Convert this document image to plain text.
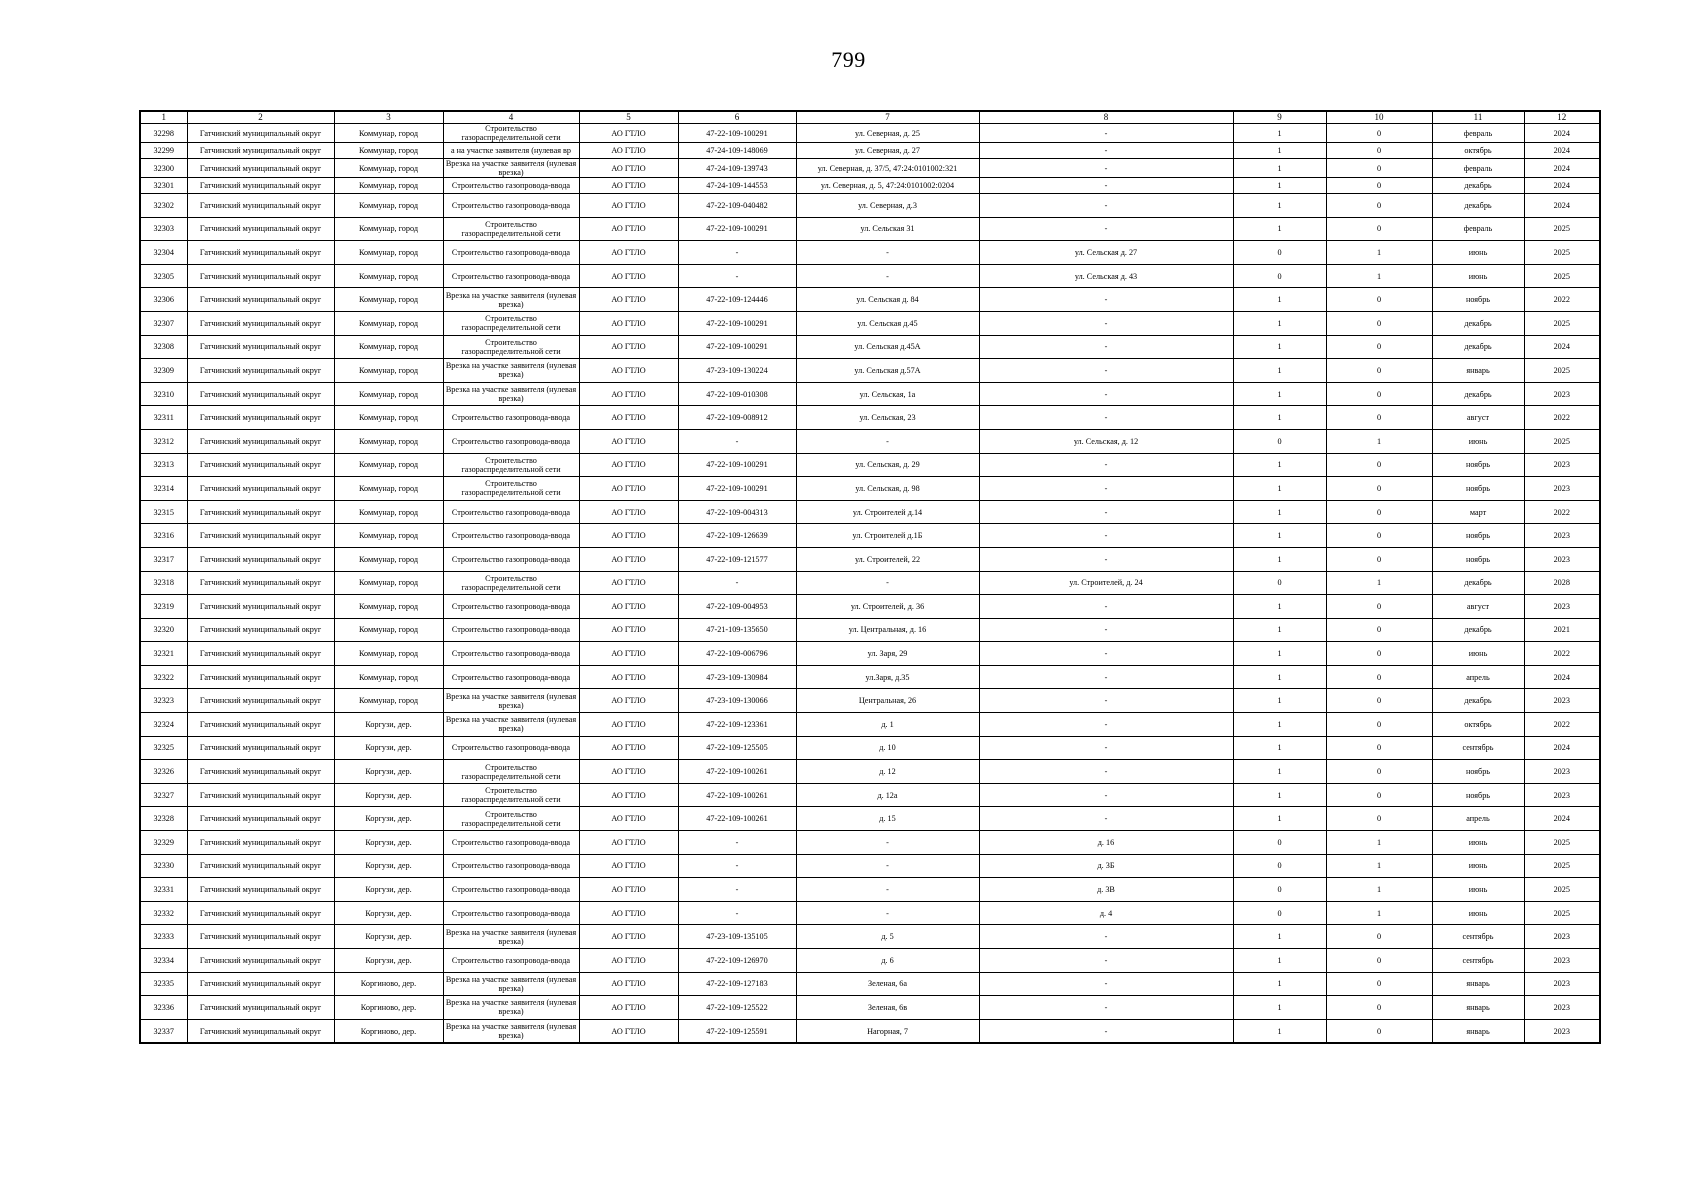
799
1	2	3	4	5	6	7	8	9	10	11	12
32298	Гатчинский муниципальный округ	Коммунар, город	Строительство газораспределительной сети	АО ГТЛО	47-22-109-100291	ул. Северная, д. 25	-	1	0	февраль	2024
32299	Гатчинский муниципальный округ	Коммунар, город	а на участке заявителя (нулевая вр	АО ГТЛО	47-24-109-148069	ул. Северная, д. 27	-	1	0	октябрь	2024
32300	Гатчинский муниципальный округ	Коммунар, город	Врезка на участке заявителя (нулевая врезка)	АО ГТЛО	47-24-109-139743	ул. Северная, д. 37/5, 47:24:0101002:321	-	1	0	февраль	2024
32301	Гатчинский муниципальный округ	Коммунар, город	Строительство газопровода-ввода	АО ГТЛО	47-24-109-144553	ул. Северная, д. 5, 47:24:0101002:0204	-	1	0	декабрь	2024
32302	Гатчинский муниципальный округ	Коммунар, город	Строительство газопровода-ввода	АО ГТЛО	47-22-109-040482	ул. Северная, д.3	-	1	0	декабрь	2024
32303	Гатчинский муниципальный округ	Коммунар, город	Строительство газораспределительной сети	АО ГТЛО	47-22-109-100291	ул. Сельская 31	-	1	0	февраль	2025
32304	Гатчинский муниципальный округ	Коммунар, город	Строительство газопровода-ввода	АО ГТЛО	-	-	ул. Сельская д. 27	0	1	июнь	2025
32305	Гатчинский муниципальный округ	Коммунар, город	Строительство газопровода-ввода	АО ГТЛО	-	-	ул. Сельская д. 43	0	1	июнь	2025
32306	Гатчинский муниципальный округ	Коммунар, город	Врезка на участке заявителя (нулевая врезка)	АО ГТЛО	47-22-109-124446	ул. Сельская д. 84	-	1	0	ноябрь	2022
32307	Гатчинский муниципальный округ	Коммунар, город	Строительство газораспределительной сети	АО ГТЛО	47-22-109-100291	ул. Сельская д.45	-	1	0	декабрь	2025
32308	Гатчинский муниципальный округ	Коммунар, город	Строительство газораспределительной сети	АО ГТЛО	47-22-109-100291	ул. Сельская д.45А	-	1	0	декабрь	2024
32309	Гатчинский муниципальный округ	Коммунар, город	Врезка на участке заявителя (нулевая врезка)	АО ГТЛО	47-23-109-130224	ул. Сельская д.57А	-	1	0	январь	2025
32310	Гатчинский муниципальный округ	Коммунар, город	Врезка на участке заявителя (нулевая врезка)	АО ГТЛО	47-22-109-010308	ул. Сельская, 1а	-	1	0	декабрь	2023
32311	Гатчинский муниципальный округ	Коммунар, город	Строительство газопровода-ввода	АО ГТЛО	47-22-109-008912	ул. Сельская, 23	-	1	0	август	2022
32312	Гатчинский муниципальный округ	Коммунар, город	Строительство газопровода-ввода	АО ГТЛО	-	-	ул. Сельская, д. 12	0	1	июнь	2025
32313	Гатчинский муниципальный округ	Коммунар, город	Строительство газораспределительной сети	АО ГТЛО	47-22-109-100291	ул. Сельская, д. 29	-	1	0	ноябрь	2023
32314	Гатчинский муниципальный округ	Коммунар, город	Строительство газораспределительной сети	АО ГТЛО	47-22-109-100291	ул. Сельская, д. 98	-	1	0	ноябрь	2023
32315	Гатчинский муниципальный округ	Коммунар, город	Строительство газопровода-ввода	АО ГТЛО	47-22-109-004313	ул. Строителей д.14	-	1	0	март	2022
32316	Гатчинский муниципальный округ	Коммунар, город	Строительство газопровода-ввода	АО ГТЛО	47-22-109-126639	ул. Строителей д.1Б	-	1	0	ноябрь	2023
32317	Гатчинский муниципальный округ	Коммунар, город	Строительство газопровода-ввода	АО ГТЛО	47-22-109-121577	ул. Строителей, 22	-	1	0	ноябрь	2023
32318	Гатчинский муниципальный округ	Коммунар, город	Строительство газораспределительной сети	АО ГТЛО	-	-	ул. Строителей, д. 24	0	1	декабрь	2028
32319	Гатчинский муниципальный округ	Коммунар, город	Строительство газопровода-ввода	АО ГТЛО	47-22-109-004953	ул. Строителей, д. 36	-	1	0	август	2023
32320	Гатчинский муниципальный округ	Коммунар, город	Строительство газопровода-ввода	АО ГТЛО	47-21-109-135650	ул. Центральная, д. 16	-	1	0	декабрь	2021
32321	Гатчинский муниципальный округ	Коммунар, город	Строительство газопровода-ввода	АО ГТЛО	47-22-109-006796	ул. Заря, 29	-	1	0	июнь	2022
32322	Гатчинский муниципальный округ	Коммунар, город	Строительство газопровода-ввода	АО ГТЛО	47-23-109-130984	ул.Заря, д.35	-	1	0	апрель	2024
32323	Гатчинский муниципальный округ	Коммунар, город	Врезка на участке заявителя (нулевая врезка)	АО ГТЛО	47-23-109-130066	Центральная, 26	-	1	0	декабрь	2023
32324	Гатчинский муниципальный округ	Коргузи, дер.	Врезка на участке заявителя (нулевая врезка)	АО ГТЛО	47-22-109-123361	д. 1	-	1	0	октябрь	2022
32325	Гатчинский муниципальный округ	Коргузи, дер.	Строительство газопровода-ввода	АО ГТЛО	47-22-109-125505	д. 10	-	1	0	сентябрь	2024
32326	Гатчинский муниципальный округ	Коргузи, дер.	Строительство газораспределительной сети	АО ГТЛО	47-22-109-100261	д. 12	-	1	0	ноябрь	2023
32327	Гатчинский муниципальный округ	Коргузи, дер.	Строительство газораспределительной сети	АО ГТЛО	47-22-109-100261	д. 12а	-	1	0	ноябрь	2023
32328	Гатчинский муниципальный округ	Коргузи, дер.	Строительство газораспределительной сети	АО ГТЛО	47-22-109-100261	д. 15	-	1	0	апрель	2024
32329	Гатчинский муниципальный округ	Коргузи, дер.	Строительство газопровода-ввода	АО ГТЛО	-	-	д. 16	0	1	июнь	2025
32330	Гатчинский муниципальный округ	Коргузи, дер.	Строительство газопровода-ввода	АО ГТЛО	-	-	д. 3Б	0	1	июнь	2025
32331	Гатчинский муниципальный округ	Коргузи, дер.	Строительство газопровода-ввода	АО ГТЛО	-	-	д. 3В	0	1	июнь	2025
32332	Гатчинский муниципальный округ	Коргузи, дер.	Строительство газопровода-ввода	АО ГТЛО	-	-	д. 4	0	1	июнь	2025
32333	Гатчинский муниципальный округ	Коргузи, дер.	Врезка на участке заявителя (нулевая врезка)	АО ГТЛО	47-23-109-135105	д. 5	-	1	0	сентябрь	2023
32334	Гатчинский муниципальный округ	Коргузи, дер.	Строительство газопровода-ввода	АО ГТЛО	47-22-109-126970	д. 6	-	1	0	сентябрь	2023
32335	Гатчинский муниципальный округ	Коргиново, дер.	Врезка на участке заявителя (нулевая врезка)	АО ГТЛО	47-22-109-127183	Зеленая, 6а	-	1	0	январь	2023
32336	Гатчинский муниципальный округ	Коргиново, дер.	Врезка на участке заявителя (нулевая врезка)	АО ГТЛО	47-22-109-125522	Зеленая, 6в	-	1	0	январь	2023
32337	Гатчинский муниципальный округ	Коргиново, дер.	Врезка на участке заявителя (нулевая врезка)	АО ГТЛО	47-22-109-125591	Нагорная, 7	-	1	0	январь	2023
